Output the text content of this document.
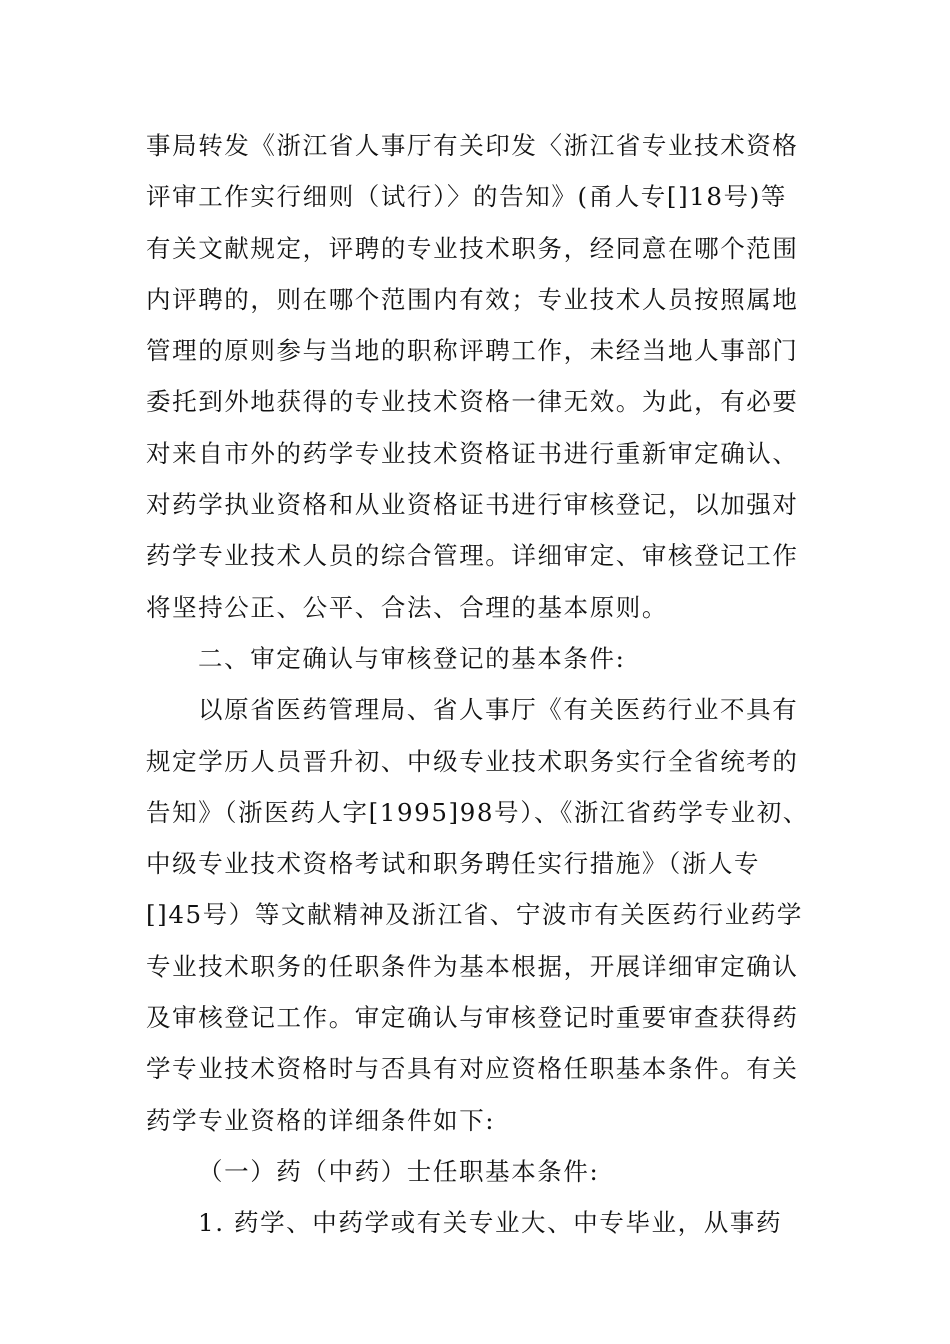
事局转发《浙江省人事厅有关印发〈浙江省专业技术资格

评审工作实行细则（试行）〉的告知》(甬人专[]18号)等

有关文献规定，评聘的专业技术职务，经同意在哪个范围

内评聘的，则在哪个范围内有效；专业技术人员按照属地

管理的原则参与当地的职称评聘工作，未经当地人事部门

委托到外地获得的专业技术资格一律无效。为此，有必要

对来自市外的药学专业技术资格证书进行重新审定确认、

对药学执业资格和从业资格证书进行审核登记，以加强对

药学专业技术人员的综合管理。详细审定、审核登记工作

将坚持公正、公平、合法、合理的基本原则。

二、审定确认与审核登记的基本条件:

以原省医药管理局、省人事厅《有关医药行业不具有

规定学历人员晋升初、中级专业技术职务实行全省统考的

告知》（浙医药人字[1995]98号）、《浙江省药学专业初、

中级专业技术资格考试和职务聘任实行措施》（浙人专

[]45号）等文献精神及浙江省、宁波市有关医药行业药学

专业技术职务的任职条件为基本根据，开展详细审定确认

及审核登记工作。审定确认与审核登记时重要审查获得药

学专业技术资格时与否具有对应资格任职基本条件。有关

药学专业资格的详细条件如下:

（一）药（中药）士任职基本条件:

1. 药学、中药学或有关专业大、中专毕业，从事药
